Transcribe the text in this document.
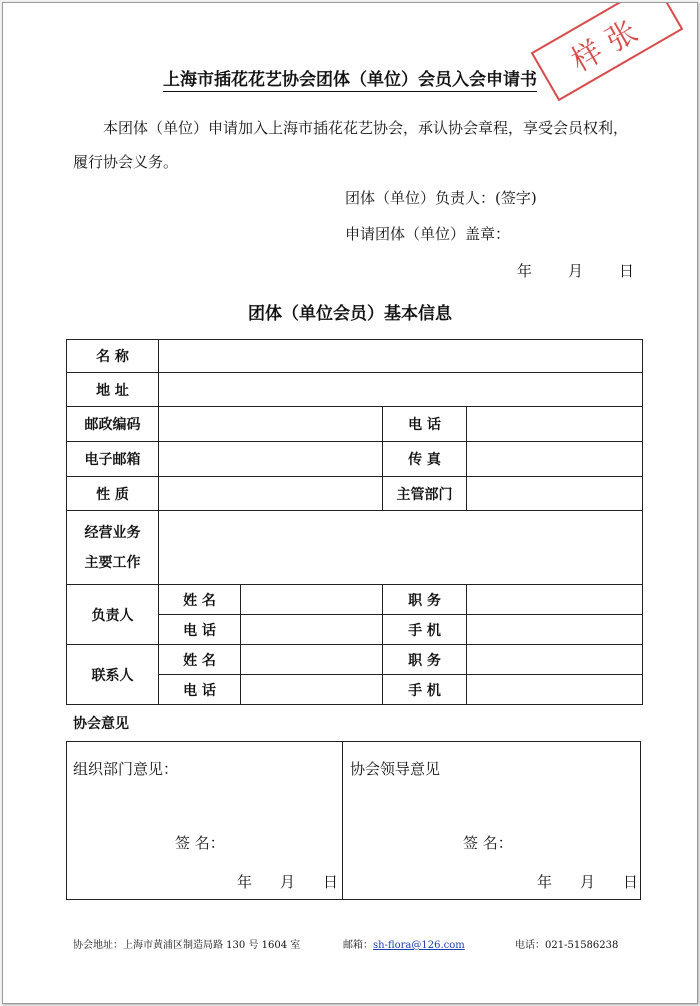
样张
上海市插花花艺协会团体（单位）会员入会申请书
本团体（单位）申请加入上海市插花花艺协会，承认协会章程，享受会员权利，履行协会义务。
团体（单位）负责人：(签字)
申请团体（单位）盖章：
年 月 日
团体（单位会员）基本信息
名 称				
地 址				
邮政编码			电 话	
电子邮箱			传 真	
性 质			主管部门	

经营业务
主要工作				

负责人	姓 名		职 务	
	电 话		手 机	
联系人	姓 名		职 务	
	电 话		手 机	
协会意见
组织部门意见：
签 名：
年 月 日
协会领导意见
签 名：
年 月 日
协会地址：上海市黄浦区制造局路 130 号 1604 室	邮箱：sh-flora@126.com	电话：021-51586238
